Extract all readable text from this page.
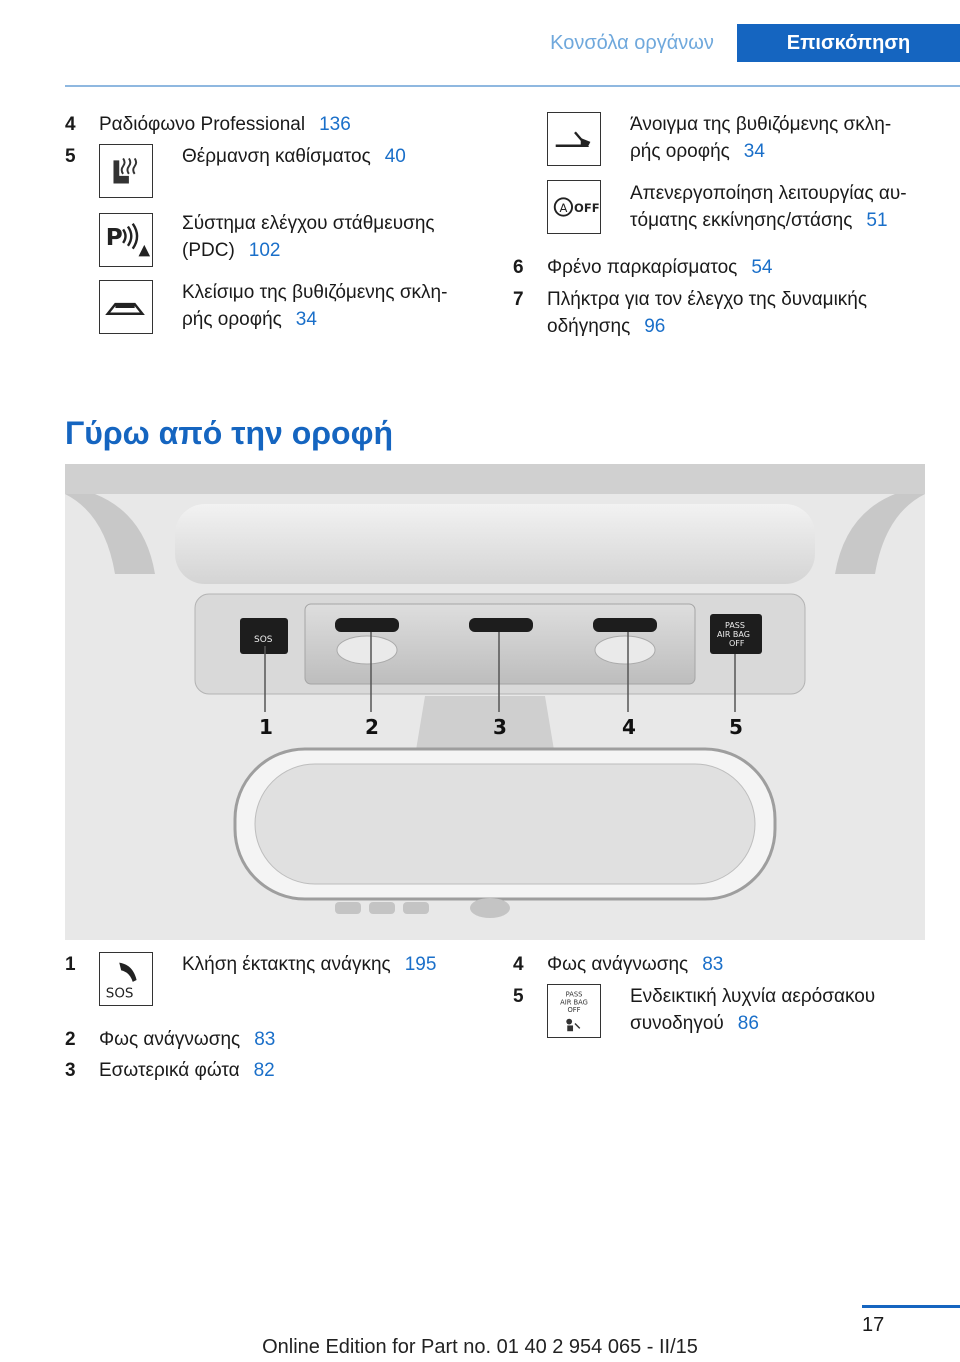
Κονσόλα οργάνων	Επισκόπηση
4 Ραδιόφωνο Professional 136
5	Θέρμανση καθίσματος 40
P
Σύστημα ελέγχου στάθμευσης
(PDC) 102
Κλείσιμο της βυθιζόμενης σκλη-
ρής οροφής 34
Άνοιγμα της βυθιζόμενης σκλη-
ρής οροφής 34
A OFF
Απενεργοποίηση λειτουργίας αυ-
τόματης εκκίνησης/στάσης 51
6 Φρένο παρκαρίσματος 54
7 Πλήκτρα για τον έλεγχο της δυναμικής
οδήγησης 96
Γύρω από την οροφή
SOS
PASS
AIR BAG
OFF
1	2	3	4	5
1
SOS
Κλήση έκτακτης ανάγκης 195
2 Φως ανάγνωσης 83
3 Εσωτερικά φώτα 82
4 Φως ανάγνωσης 83
5	PASS
AIR BAG
OFF
Ενδεικτική λυχνία αερόσακου
συνοδηγού 86
17
Online Edition for Part no. 01 40 2 954 065 - II/15
